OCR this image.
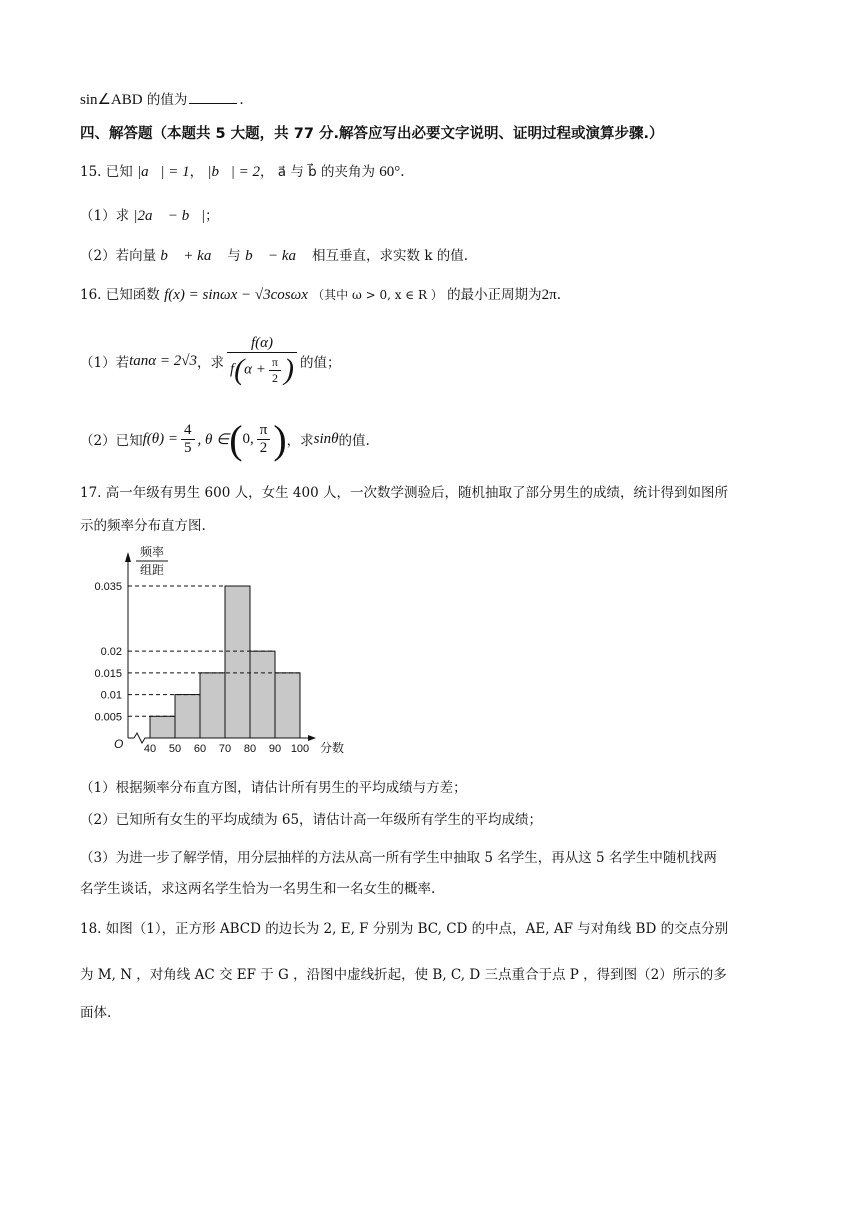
sin∠ABD 的值为	.
四、解答题（本题共 5 大题，共 77 分.解答应写出必要文字说明、证明过程或演算步骤.）
15. 已知 |a⃗| = 1， |b⃗| = 2， a⃗ 与 b⃗ 的夹角为 60°.
（1）求 |2a⃗ − b⃗|；
（2）若向量 b⃗ + ka⃗ 与 b⃗ − ka⃗ 相互垂直，求实数 k 的值.
16. 已知函数 f(x) = sinωx − √3cosωx （其中 ω > 0, x ∈ R ） 的最小正周期为2π.
（1）若 tanα = 2√3 ，求 $\frac{f(\alpha)}{f(\alpha + \frac{\pi}{2} )}$ 的值；
（2）已知 $f(\theta) = \frac{4}{5}$ , θ ∈ ( 0, $\frac{\pi}{2}$ ) ，求 sinθ 的值.
17. 高一年级有男生 600 人，女生 400 人，一次数学测验后，随机抽取了部分男生的成绩，统计得到如图所
示的频率分布直方图.
0.035
0.02
0.015
0.01
0.005
40 50 60 70 80 90 100 分数
O
频率
组距
（1）根据频率分布直方图，请估计所有男生的平均成绩与方差；
（2）已知所有女生的平均成绩为 65，请估计高一年级所有学生的平均成绩；
（3）为进一步了解学情，用分层抽样的方法从高一所有学生中抽取 5 名学生，再从这 5 名学生中随机找两
名学生谈话，求这两名学生恰为一名男生和一名女生的概率.
18. 如图（1），正方形 ABCD 的边长为 2, E, F 分别为 BC, CD 的中点，AE, AF 与对角线 BD 的交点分别
为 M, N ，对角线 AC 交 EF 于 G ，沿图中虚线折起，使 B, C, D 三点重合于点 P ，得到图（2）所示的多
面体.
